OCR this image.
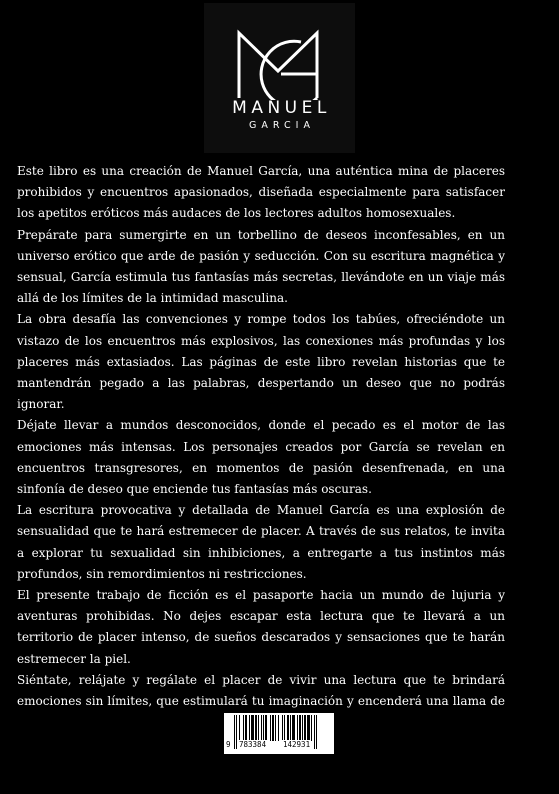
MANUEL
GARCIA

Este libro es una creación de Manuel García, una auténtica mina de placeres prohibidos y encuentros apasionados, diseñada especialmente para satisfacer los apetitos eróticos más audaces de los lectores adultos homosexuales.

Prepárate para sumergirte en un torbellino de deseos inconfesables, en un universo erótico que arde de pasión y seducción. Con su escritura magnética y sensual, García estimula tus fantasías más secretas, llevándote en un viaje más allá de los límites de la intimidad masculina.

La obra desafía las convenciones y rompe todos los tabúes, ofreciéndote un vistazo de los encuentros más explosivos, las conexiones más profundas y los placeres más extasiados. Las páginas de este libro revelan historias que te mantendrán pegado a las palabras, despertando un deseo que no podrás ignorar.

Déjate llevar a mundos desconocidos, donde el pecado es el motor de las emociones más intensas. Los personajes creados por García se revelan en encuentros transgresores, en momentos de pasión desenfrenada, en una sinfonía de deseo que enciende tus fantasías más oscuras.

La escritura provocativa y detallada de Manuel García es una explosión de sensualidad que te hará estremecer de placer. A través de sus relatos, te invita a explorar tu sexualidad sin inhibiciones, a entregarte a tus instintos más profundos, sin remordimientos ni restricciones.

El presente trabajo de ficción es el pasaporte hacia un mundo de lujuria y aventuras prohibidas. No dejes escapar esta lectura que te llevará a un territorio de placer intenso, de sueños descarados y sensaciones que te harán estremecer la piel.

Siéntate, relájate y regálate el placer de vivir una lectura que te brindará emociones sin límites, que estimulará tu imaginación y encenderá una llama de

9 783384 142931
